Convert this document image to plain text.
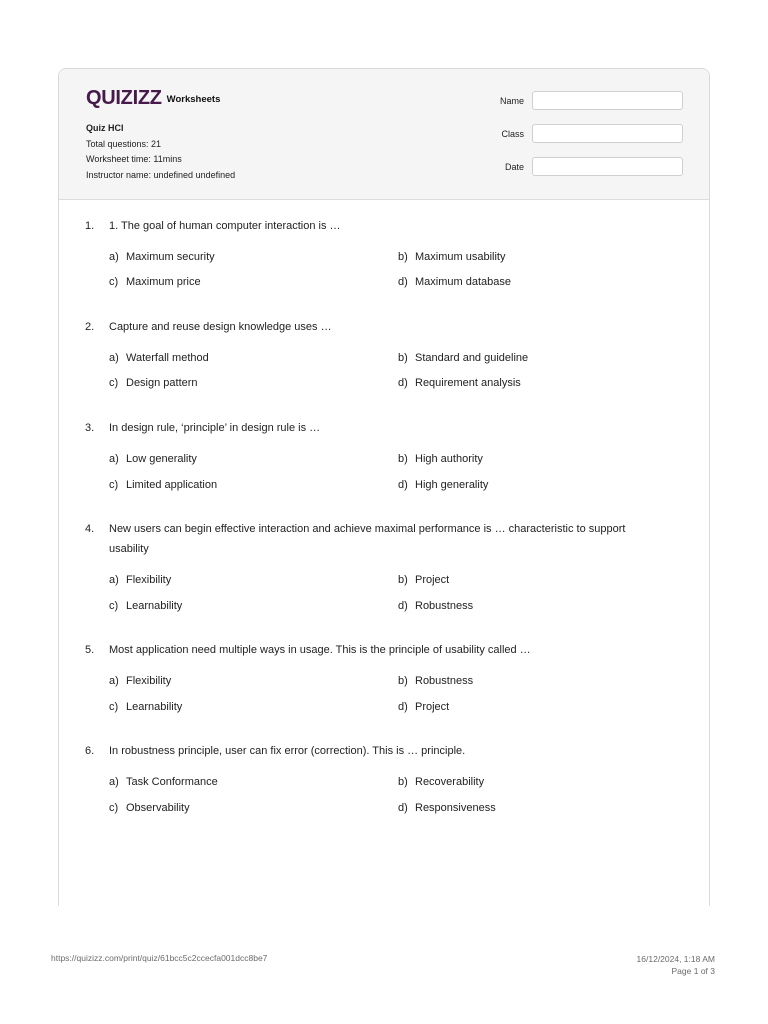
QUIZIZZ Worksheets
Quiz HCI
Total questions: 21
Worksheet time: 11mins
Instructor name: undefined undefined
Name
Class
Date
1. 1. The goal of human computer interaction is …
a) Maximum security	b) Maximum usability
c) Maximum price	d) Maximum database
2. Capture and reuse design knowledge uses …
a) Waterfall method	b) Standard and guideline
c) Design pattern	d) Requirement analysis
3. In design rule, ‘principle’ in design rule is …
a) Low generality	b) High authority
c) Limited application	d) High generality
4. New users can begin effective interaction and achieve maximal performance is … characteristic to support usability
a) Flexibility	b) Project
c) Learnability	d) Robustness
5. Most application need multiple ways in usage. This is the principle of usability called …
a) Flexibility	b) Robustness
c) Learnability	d) Project
6. In robustness principle, user can fix error (correction). This is … principle.
a) Task Conformance	b) Recoverability
c) Observability	d) Responsiveness
https://quizizz.com/print/quiz/61bcc5c2ccecfa001dcc8be7	16/12/2024, 1:18 AM
Page 1 of 3
